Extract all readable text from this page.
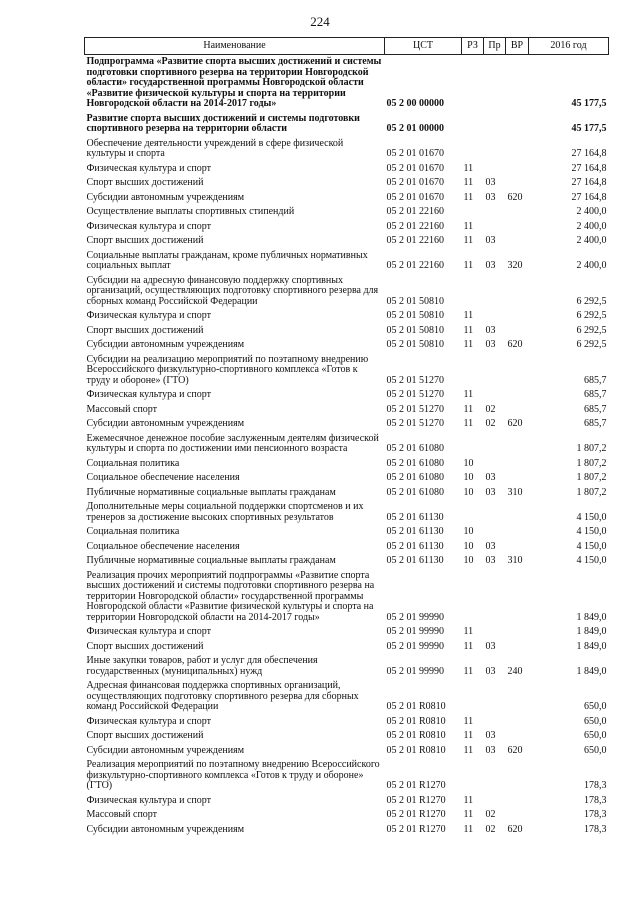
224
Наименование	ЦСТ	РЗ	Пр	ВР	2016 год
Подпрограмма «Развитие спорта высших достижений и системы подготовки спортивного резерва на территории Новгородской области» государственной программы Новгородской области «Развитие физической культуры и спорта на территории Новгородской области на 2014-2017 годы»	05 2 00 00000				45 177,5
Развитие спорта высших достижений и системы подготовки спортивного резерва на территории области	05 2 01 00000				45 177,5
Обеспечение деятельности учреждений в сфере физической культуры и спорта	05 2 01 01670				27 164,8
Физическая культура и спорт	05 2 01 01670	11			27 164,8
Спорт высших достижений	05 2 01 01670	11	03		27 164,8
Субсидии автономным учреждениям	05 2 01 01670	11	03	620	27 164,8
Осуществление выплаты спортивных стипендий	05 2 01 22160				2 400,0
Физическая культура и спорт	05 2 01 22160	11			2 400,0
Спорт высших достижений	05 2 01 22160	11	03		2 400,0
Социальные выплаты гражданам, кроме публичных нормативных социальных выплат	05 2 01 22160	11	03	320	2 400,0
Субсидии на адресную финансовую поддержку спортивных организаций, осуществляющих подготовку спортивного резерва для сборных команд Российской Федерации	05 2 01 50810				6 292,5
Физическая культура и спорт	05 2 01 50810	11			6 292,5
Спорт высших достижений	05 2 01 50810	11	03		6 292,5
Субсидии автономным учреждениям	05 2 01 50810	11	03	620	6 292,5
Субсидии на реализацию мероприятий по поэтапному внедрению Всероссийского физкультурно-спортивного комплекса «Готов к труду и обороне» (ГТО)	05 2 01 51270				685,7
Физическая культура и спорт	05 2 01 51270	11			685,7
Массовый спорт	05 2 01 51270	11	02		685,7
Субсидии автономным учреждениям	05 2 01 51270	11	02	620	685,7
Ежемесячное денежное пособие заслуженным деятелям физической культуры и спорта по достижении ими пенсионного возраста	05 2 01 61080				1 807,2
Социальная политика	05 2 01 61080	10			1 807,2
Социальное обеспечение населения	05 2 01 61080	10	03		1 807,2
Публичные нормативные социальные выплаты гражданам	05 2 01 61080	10	03	310	1 807,2
Дополнительные меры социальной поддержки спортсменов и их тренеров за достижение высоких спортивных результатов	05 2 01 61130				4 150,0
Социальная политика	05 2 01 61130	10			4 150,0
Социальное обеспечение населения	05 2 01 61130	10	03		4 150,0
Публичные нормативные социальные выплаты гражданам	05 2 01 61130	10	03	310	4 150,0
Реализация прочих мероприятий подпрограммы «Развитие спорта высших достижений и системы подготовки спортивного резерва на территории Новгородской области» государственной программы Новгородской области «Развитие физической культуры и спорта на территории Новгородской области на 2014-2017 годы»	05 2 01 99990				1 849,0
Физическая культура и спорт	05 2 01 99990	11			1 849,0
Спорт высших достижений	05 2 01 99990	11	03		1 849,0
Иные закупки товаров, работ и услуг для обеспечения государственных (муниципальных) нужд	05 2 01 99990	11	03	240	1 849,0
Адресная финансовая поддержка спортивных организаций, осуществляющих подготовку спортивного резерва для сборных команд Российской Федерации	05 2 01 R0810				650,0
Физическая культура и спорт	05 2 01 R0810	11			650,0
Спорт высших достижений	05 2 01 R0810	11	03		650,0
Субсидии автономным учреждениям	05 2 01 R0810	11	03	620	650,0
Реализация мероприятий по поэтапному внедрению Всероссийского физкультурно-спортивного комплекса «Готов к труду и обороне» (ГТО)	05 2 01 R1270				178,3
Физическая культура и спорт	05 2 01 R1270	11			178,3
Массовый спорт	05 2 01 R1270	11	02		178,3
Субсидии автономным учреждениям	05 2 01 R1270	11	02	620	178,3
